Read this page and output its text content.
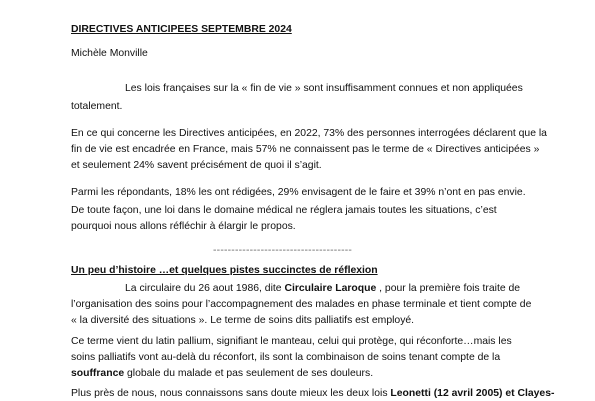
DIRECTIVES ANTICIPEES SEPTEMBRE 2024
Michèle Monville
Les lois françaises sur la « fin de vie » sont insuffisamment connues et non appliquées
totalement.
En ce qui concerne les Directives anticipées, en 2022, 73% des personnes interrogées déclarent que la
fin de vie est encadrée en France, mais 57% ne connaissent pas le terme de « Directives anticipées »
et seulement 24% savent précisément de quoi il s’agit.
Parmi les répondants, 18% les ont rédigées, 29% envisagent de le faire et 39% n’ont en pas envie.
De toute façon, une loi dans le domaine médical ne réglera jamais toutes les situations, c’est
pourquoi nous allons réfléchir à élargir le propos.
--------------------------------------
Un peu d’histoire …et quelques pistes succinctes de réflexion
La circulaire du 26 aout 1986, dite Circulaire Laroque , pour la première fois traite de
l’organisation des soins pour l’accompagnement des malades en phase terminale et tient compte de
« la diversité des situations ». Le terme de soins dits palliatifs est employé.
Ce terme vient du latin pallium, signifiant le manteau, celui qui protège, qui réconforte…mais les
soins palliatifs vont au-delà du réconfort, ils sont la combinaison de soins tenant compte de la
souffrance globale du malade et pas seulement de ses douleurs.
Plus près de nous, nous connaissons sans doute mieux les deux lois Leonetti (12 avril 2005) et Clayes-
